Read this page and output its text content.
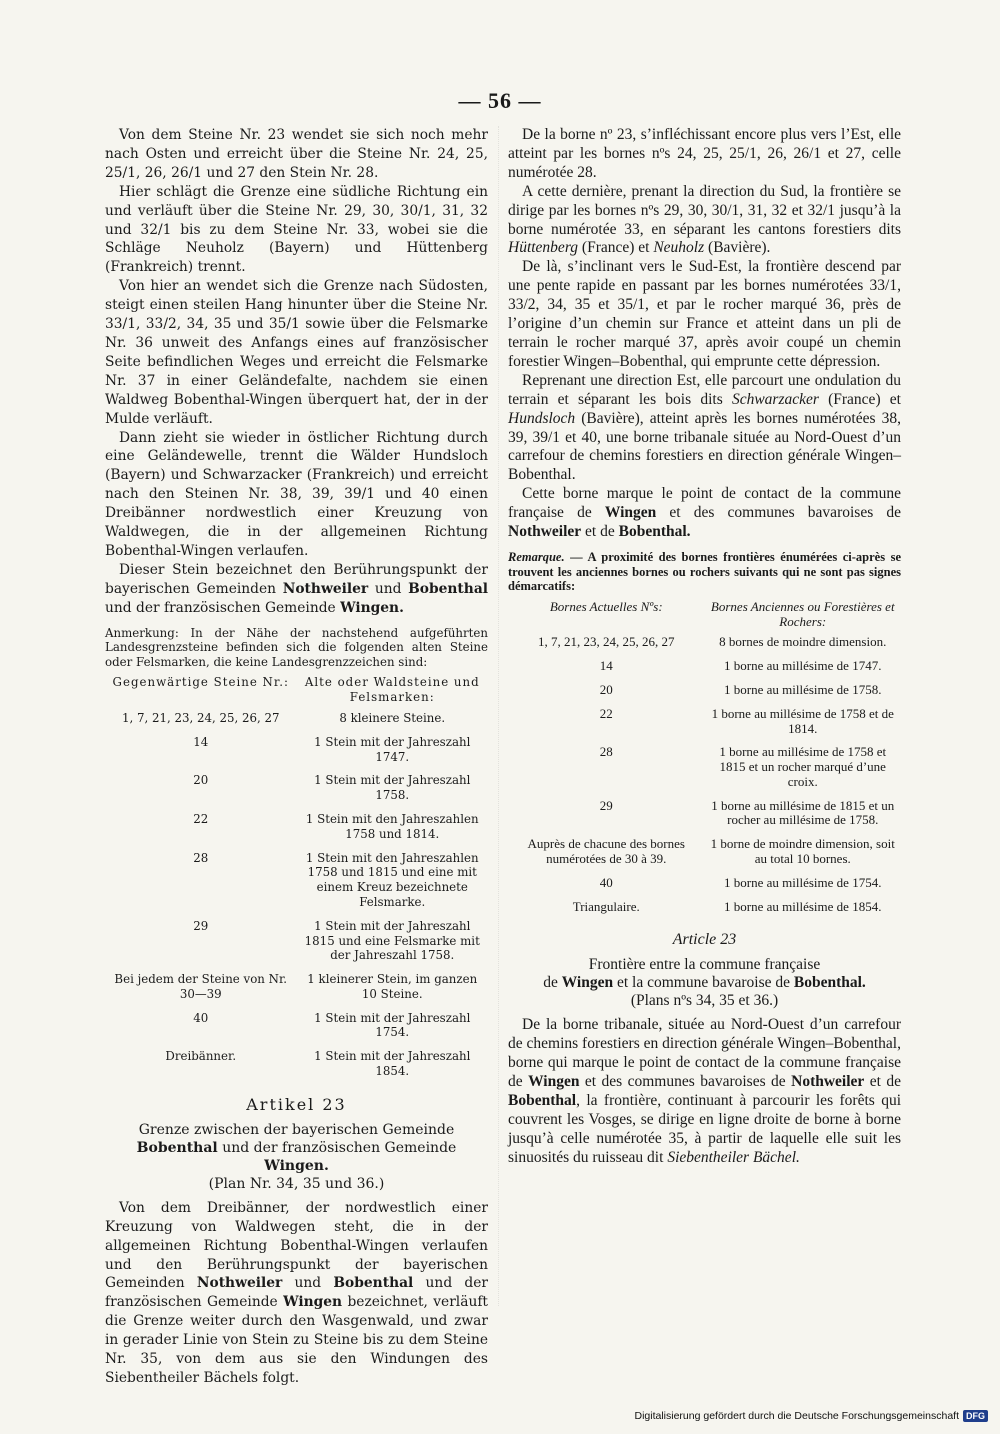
— 56 —

Von dem Steine Nr. 23 wendet sie sich noch mehr nach Osten und erreicht über die Steine Nr. 24, 25, 25/1, 26, 26/1 und 27 den Stein Nr. 28.

Hier schlägt die Grenze eine südliche Richtung ein und verläuft über die Steine Nr. 29, 30, 30/1, 31, 32 und 32/1 bis zu dem Steine Nr. 33, wobei sie die Schläge Neuholz (Bayern) und Hüttenberg (Frankreich) trennt.

Von hier an wendet sich die Grenze nach Südosten, steigt einen steilen Hang hinunter über die Steine Nr. 33/1, 33/2, 34, 35 und 35/1 sowie über die Felsmarke Nr. 36 unweit des Anfangs eines auf französischer Seite befindlichen Weges und erreicht die Felsmarke Nr. 37 in einer Geländefalte, nachdem sie einen Waldweg Bobenthal-Wingen überquert hat, der in der Mulde verläuft.

Dann zieht sie wieder in östlicher Richtung durch eine Geländewelle, trennt die Wälder Hundsloch (Bayern) und Schwarzacker (Frankreich) und erreicht nach den Steinen Nr. 38, 39, 39/1 und 40 einen Dreibänner nordwestlich einer Kreuzung von Waldwegen, die in der allgemeinen Richtung Bobenthal-Wingen verlaufen.

Dieser Stein bezeichnet den Berührungspunkt der bayerischen Gemeinden Nothweiler und Bobenthal und der französischen Gemeinde Wingen.

Anmerkung: In der Nähe der nachstehend aufgeführten Landesgrenzsteine befinden sich die folgenden alten Steine oder Felsmarken, die keine Landesgrenzzeichen sind:
Gegenwärtige Steine Nr.:	Alte oder Waldsteine und Felsmarken:
1, 7, 21, 23, 24, 25, 26, 27	8 kleinere Steine.
14	1 Stein mit der Jahreszahl 1747.
20	1 Stein mit der Jahreszahl 1758.
22	1 Stein mit den Jahreszahlen 1758 und 1814.
28	1 Stein mit den Jahreszahlen 1758 und 1815 und eine mit einem Kreuz bezeichnete Felsmarke.
29	1 Stein mit der Jahreszahl 1815 und eine Felsmarke mit der Jahreszahl 1758.
Bei jedem der Steine von Nr. 30—39	1 kleinerer Stein, im ganzen 10 Steine.
40	1 Stein mit der Jahreszahl 1754.
Dreibänner.	1 Stein mit der Jahreszahl 1854.
Artikel 23
Grenze zwischen der bayerischen Gemeinde
Bobenthal und der französischen Gemeinde Wingen.
(Plan Nr. 34, 35 und 36.)

Von dem Dreibänner, der nordwestlich einer Kreuzung von Waldwegen steht, die in der allgemeinen Richtung Bobenthal-Wingen verlaufen und den Berührungspunkt der bayerischen Gemeinden Nothweiler und Bobenthal und der französischen Gemeinde Wingen bezeichnet, verläuft die Grenze weiter durch den Wasgenwald, und zwar in gerader Linie von Stein zu Steine bis zu dem Steine Nr. 35, von dem aus sie den Windungen des Siebentheiler Bächels folgt.

De la borne nº 23, s’infléchissant encore plus vers l’Est, elle atteint par les bornes nºs 24, 25, 25/1, 26, 26/1 et 27, celle numérotée 28.

A cette dernière, prenant la direction du Sud, la frontière se dirige par les bornes nºs 29, 30, 30/1, 31, 32 et 32/1 jusqu’à la borne numérotée 33, en séparant les cantons forestiers dits Hüttenberg (France) et Neuholz (Bavière).

De là, s’inclinant vers le Sud-Est, la frontière descend par une pente rapide en passant par les bornes numérotées 33/1, 33/2, 34, 35 et 35/1, et par le rocher marqué 36, près de l’origine d’un chemin sur France et atteint dans un pli de terrain le rocher marqué 37, après avoir coupé un chemin forestier Wingen–Bobenthal, qui emprunte cette dépression.

Reprenant une direction Est, elle parcourt une ondulation du terrain et séparant les bois dits Schwarzacker (France) et Hundsloch (Bavière), atteint après les bornes numérotées 38, 39, 39/1 et 40, une borne tribanale située au Nord-Ouest d’un carrefour de chemins forestiers en direction générale Wingen–Bobenthal.

Cette borne marque le point de contact de la commune française de Wingen et des communes bavaroises de Nothweiler et de Bobenthal.

Remarque. — A proximité des bornes frontières énumérées ci-après se trouvent les anciennes bornes ou rochers suivants qui ne sont pas signes démarcatifs:
Bornes Actuelles Nºs:	Bornes Anciennes ou Forestières et Rochers:
1, 7, 21, 23, 24, 25, 26, 27	8 bornes de moindre dimension.
14	1 borne au millésime de 1747.
20	1 borne au millésime de 1758.
22	1 borne au millésime de 1758 et de 1814.
28	1 borne au millésime de 1758 et 1815 et un rocher marqué d’une croix.
29	1 borne au millésime de 1815 et un rocher au millésime de 1758.
Auprès de chacune des bornes numérotées de 30 à 39.	1 borne de moindre dimension, soit au total 10 bornes.
40	1 borne au millésime de 1754.
Triangulaire.	1 borne au millésime de 1854.
Article 23
Frontière entre la commune française
de Wingen et la commune bavaroise de Bobenthal.
(Plans nºs 34, 35 et 36.)

De la borne tribanale, située au Nord-Ouest d’un carrefour de chemins forestiers en direction générale Wingen–Bobenthal, borne qui marque le point de contact de la commune française de Wingen et des communes bavaroises de Nothweiler et de Bobenthal, la frontière, continuant à parcourir les forêts qui couvrent les Vosges, se dirige en ligne droite de borne à borne jusqu’à celle numérotée 35, à partir de laquelle elle suit les sinuosités du ruisseau dit Siebentheiler Bächel.

Digitalisierung gefördert durch die Deutsche Forschungsgemeinschaft DFG
